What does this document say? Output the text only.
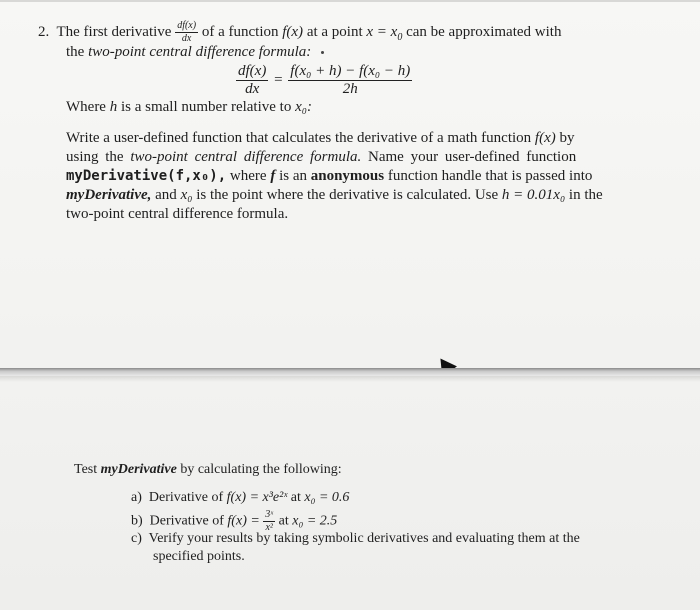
2. The first derivative $\frac{df(x)}{dx}$ of a function f(x) at a point $x = x_0$ can be approximated with
the two-point central difference formula:
$\frac{df(x)}{dx} = \frac{\text{f(x₀ + h) − f(x₀ − h)}}{2h}$
Where h is a small number relative to x₀:
Write a user-defined function that calculates the derivative of a math function f(x) by
using the two-point central difference formula. Name your user-defined function
myDerivative(f,x₀), where f is an anonymous function handle that is passed into
myDerivative, and x₀ is the point where the derivative is calculated. Use h = 0.01x₀ in the
two-point central difference formula.
Test myDerivative by calculating the following:
a) Derivative of f(x) = x³e²ˣ at x₀ = 0.6
b) Derivative of $f(x) = \frac{\text{3ˣ}}{\text{x²}}$ at x₀ = 2.5
c) Verify your results by taking symbolic derivatives and evaluating them at the
specified points.
